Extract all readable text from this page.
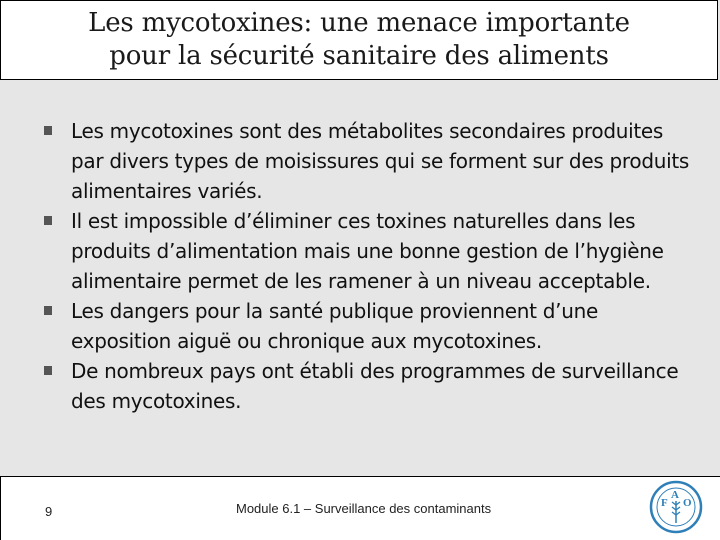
Les mycotoxines: une menace importante
pour la sécurité sanitaire des aliments
Les mycotoxines sont des métabolites secondaires produites par divers types de moisissures qui se forment sur des produits alimentaires variés.
Il est impossible d’éliminer ces toxines naturelles dans les produits d’alimentation mais une bonne gestion de l’hygiène alimentaire permet de les ramener à un niveau acceptable.
Les dangers pour la santé publique proviennent d’une exposition aiguë ou chronique aux mycotoxines.
De nombreux pays ont établi des programmes de surveillance des mycotoxines.
9	Module 6.1 – Surveillance des contaminants	F
A
O
